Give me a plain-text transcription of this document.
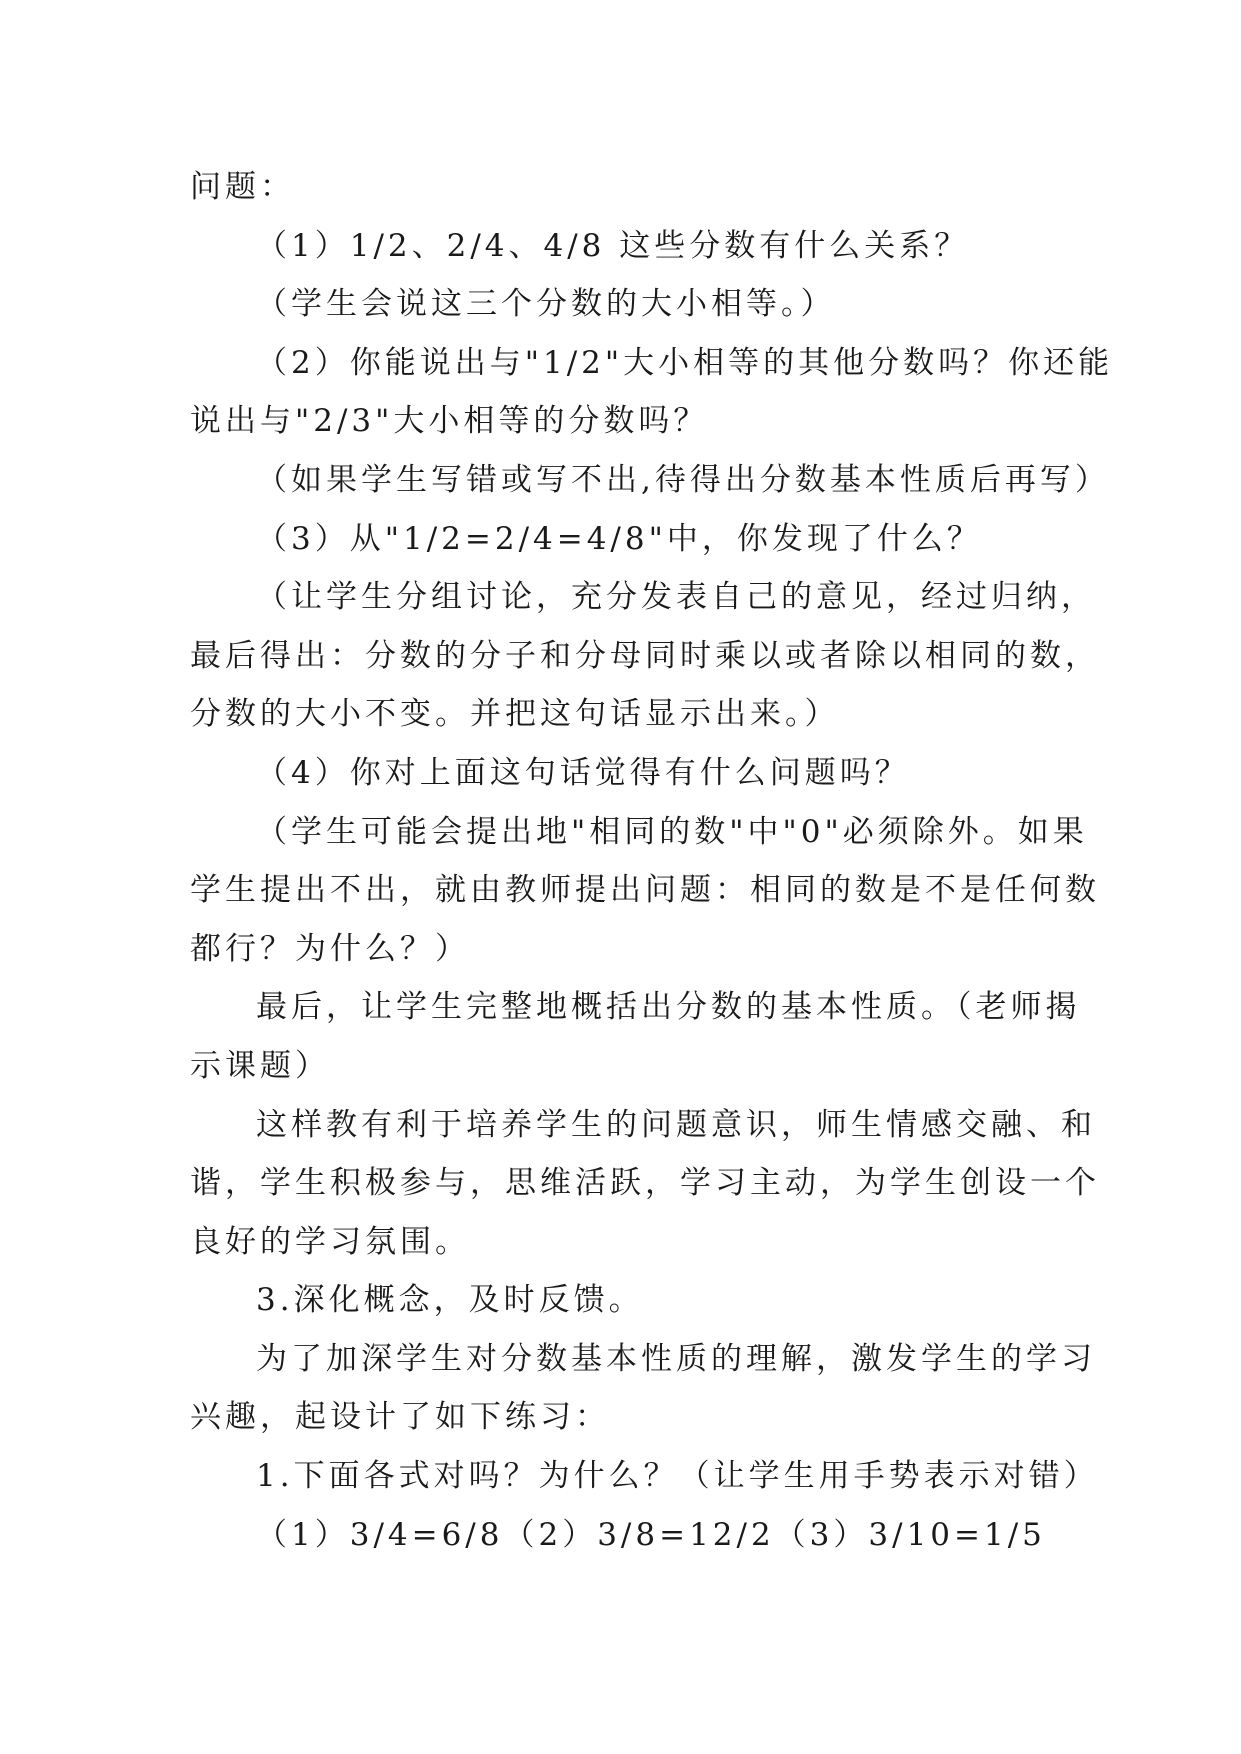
问题：
（1）1/2、2/4、4/8 这些分数有什么关系？
（学生会说这三个分数的大小相等。）
（2）你能说出与"1/2"大小相等的其他分数吗？你还能
说出与"2/3"大小相等的分数吗？
（如果学生写错或写不出,待得出分数基本性质后再写）
（3）从"1/2=2/4=4/8"中，你发现了什么？
（让学生分组讨论，充分发表自己的意见，经过归纳，
最后得出：分数的分子和分母同时乘以或者除以相同的数，
分数的大小不变。并把这句话显示出来。）
（4）你对上面这句话觉得有什么问题吗？
（学生可能会提出地"相同的数"中"0"必须除外。如果
学生提出不出，就由教师提出问题：相同的数是不是任何数
都行？为什么？）
最后，让学生完整地概括出分数的基本性质。（老师揭
示课题）
这样教有利于培养学生的问题意识，师生情感交融、和
谐，学生积极参与，思维活跃，学习主动，为学生创设一个
良好的学习氛围。
3.深化概念，及时反馈。
为了加深学生对分数基本性质的理解，激发学生的学习
兴趣，起设计了如下练习：
1.下面各式对吗？为什么？（让学生用手势表示对错）
（1）3/4=6/8（2）3/8=12/2（3）3/10=1/5
